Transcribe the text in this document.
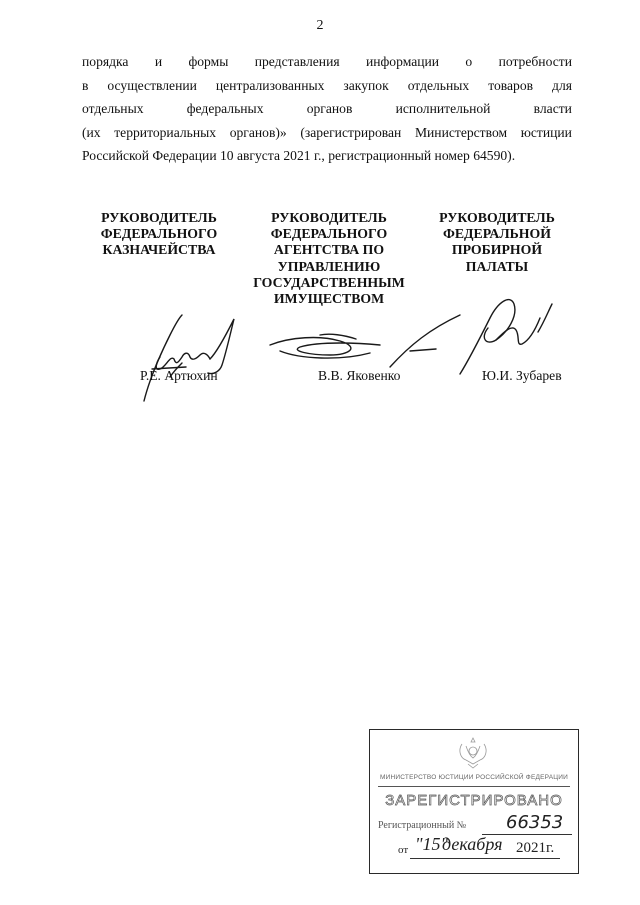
2
порядка и формы представления информации о потребности
в осуществлении централизованных закупок отдельных товаров для
отдельных	федеральных	органов	исполнительной	власти
(их территориальных органов)» (зарегистрирован Министерством юстиции
Российской Федерации 10 августа 2021 г., регистрационный номер 64590).
РУКОВОДИТЕЛЬ
ФЕДЕРАЛЬНОГО
КАЗНАЧЕЙСТВА
РУКОВОДИТЕЛЬ
ФЕДЕРАЛЬНОГО
АГЕНТСТВА ПО
УПРАВЛЕНИЮ
ГОСУДАРСТВЕННЫМ
ИМУЩЕСТВОМ
РУКОВОДИТЕЛЬ
ФЕДЕРАЛЬНОЙ
ПРОБИРНОЙ
ПАЛАТЫ
Р.Е. Артюхин	В.В. Яковенко	Ю.И. Зубарев
МИНИСТЕРСТВО ЮСТИЦИИ РОССИЙСКОЙ ФЕДЕРАЦИИ
ЗАРЕГИСТРИРОВАНО
Регистрационный № 66353
от "15"
декабря 2021г.
